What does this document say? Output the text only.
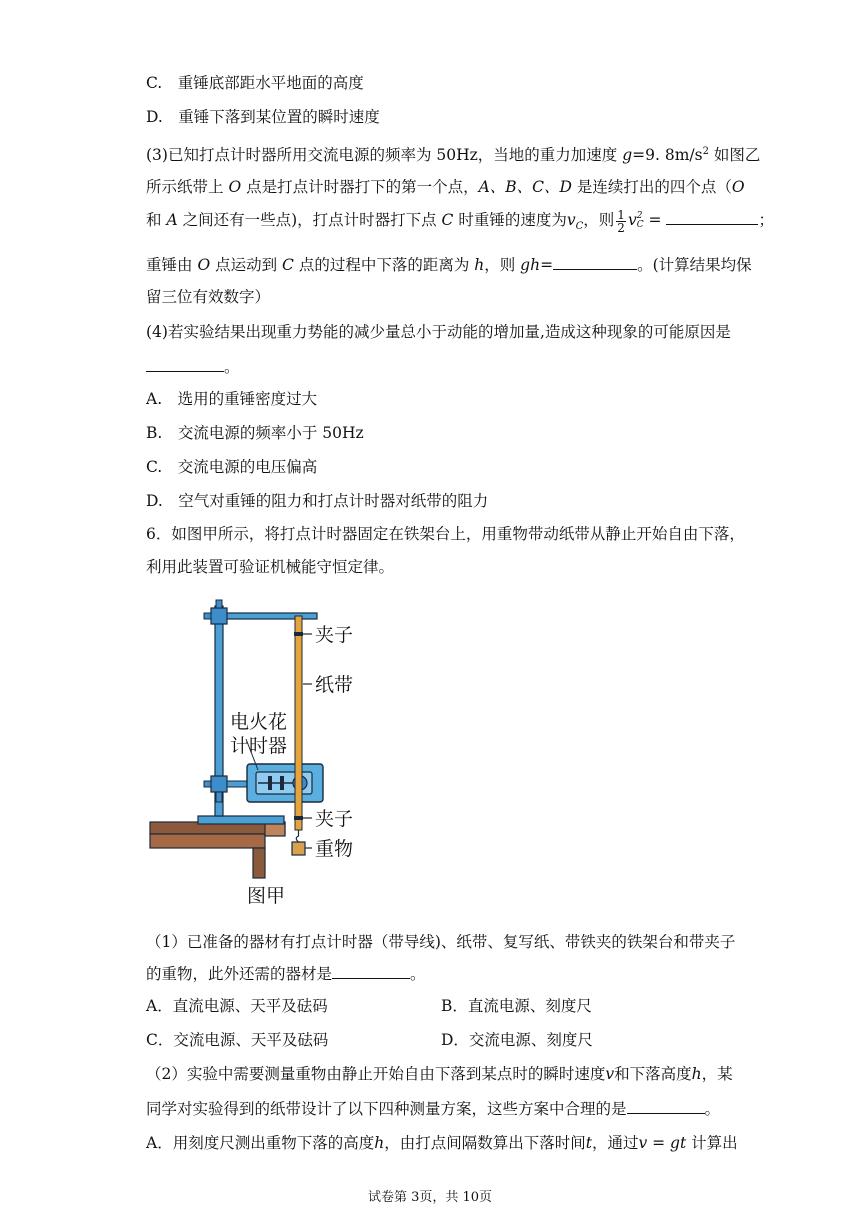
C.　重锤底部距水平地面的高度
D.　重锤下落到某位置的瞬时速度
(3)已知打点计时器所用交流电源的频率为 50Hz，当地的重力加速度 g=9. $8m/s^2$ 如图乙
所示纸带上 O 点是打点计时器打下的第一个点，A、B、C、D 是连续打出的四个点（O
和 A 之间还有一些点)，打点计时器打下点 C 时重锤的速度为$v_C$，则 $\frac{1}{2}$ v 2
C =	；
重锤由 O 点运动到 C 点的过程中下落的距离为 h，则 gh=	。(计算结果均保
留三位有效数字）
(4)若实验结果出现重力势能的减少量总小于动能的增加量,造成这种现象的可能原因是
。
A.　选用的重锤密度过大
B.　交流电源的频率小于 50Hz
C.　交流电源的电压偏高
D.　空气对重锤的阻力和打点计时器对纸带的阻力
6．如图甲所示，将打点计时器固定在铁架台上，用重物带动纸带从静止开始自由下落，
利用此装置可验证机械能守恒定律。
夹子
纸带
电火花
计时器
夹子
重物
图甲
（1）已准备的器材有打点计时器（带导线)、纸带、复写纸、带铁夹的铁架台和带夹子
的重物，此外还需的器材是	。
A．直流电源、天平及砝码	B．直流电源、刻度尺
C．交流电源、天平及砝码	D．交流电源、刻度尺
（2）实验中需要测量重物由静止开始自由下落到某点时的瞬时速度v和下落高度h，某
同学对实验得到的纸带设计了以下四种测量方案，这些方案中合理的是	。
A．用刻度尺测出重物下落的高度h，由打点间隔数算出下落时间t，通过v = gt 计算出
试卷第 3页，共 10页
